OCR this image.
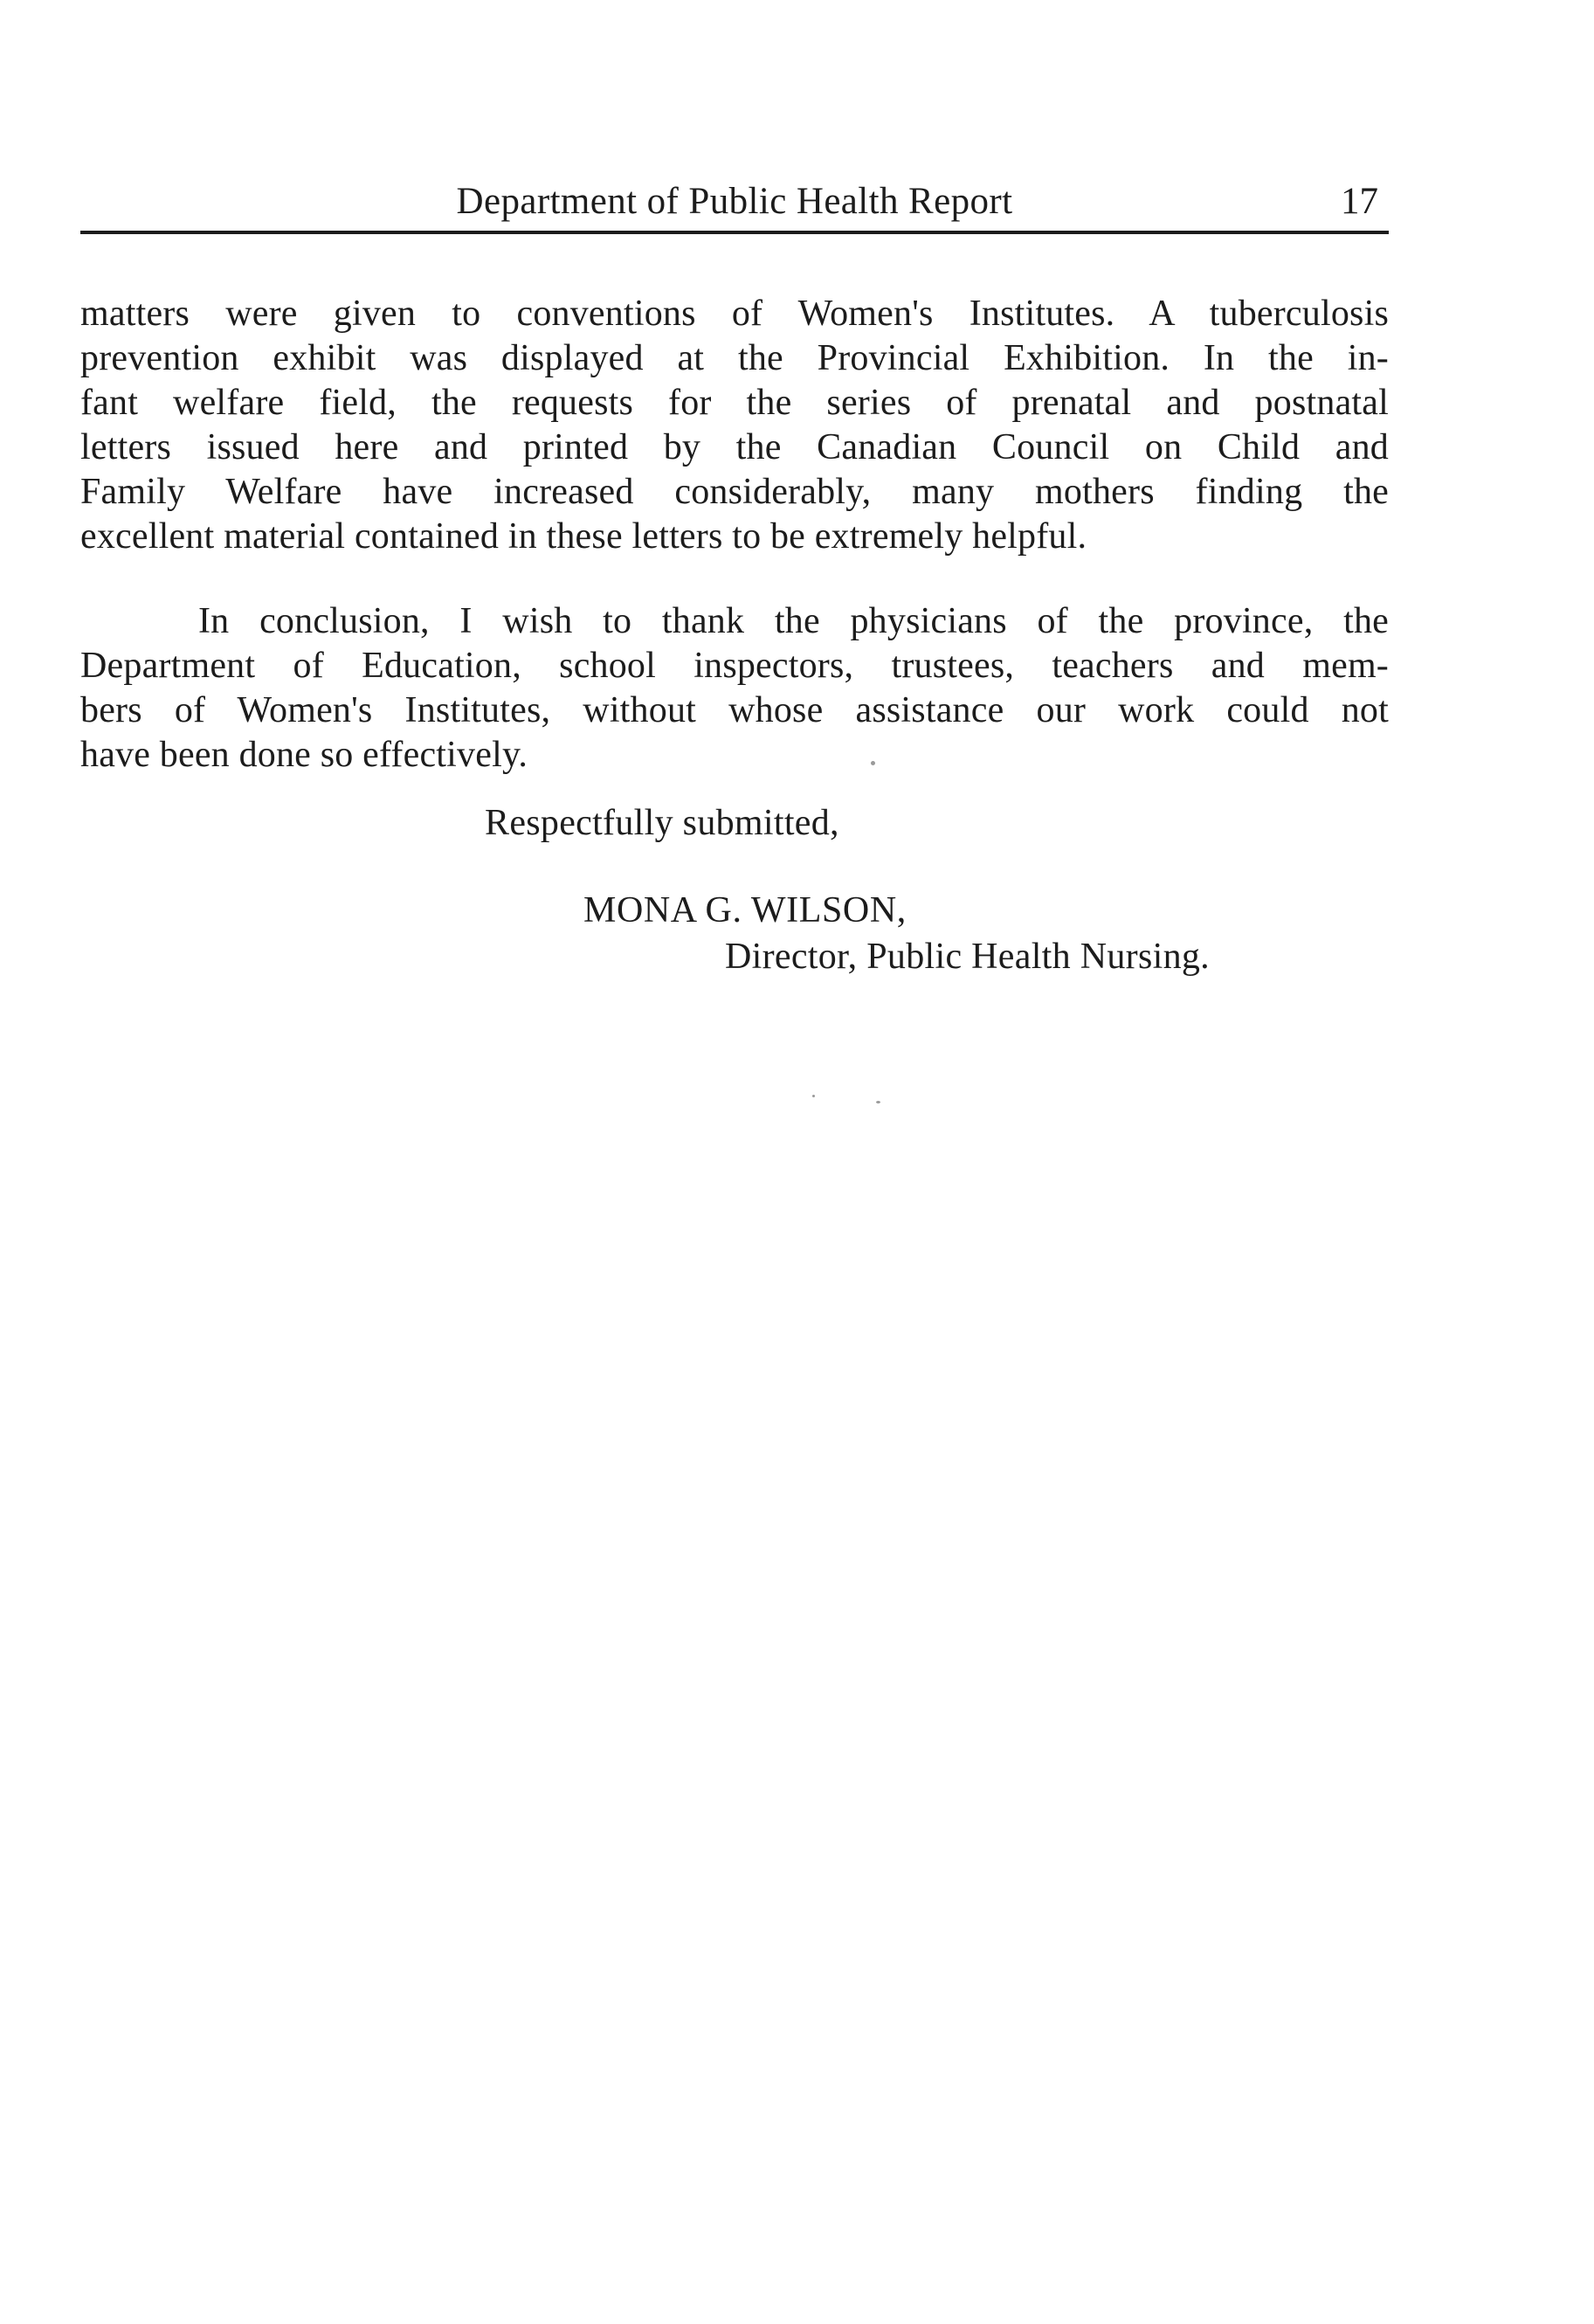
Department of Public Health Report	17
matters were given to conventions of Women's Institutes. A tuberculosis
prevention exhibit was displayed at the Provincial Exhibition. In the in-
fant welfare field, the requests for the series of prenatal and postnatal
letters issued here and printed by the Canadian Council on Child and
Family Welfare have increased considerably, many mothers finding the
excellent material contained in these letters to be extremely helpful.
In conclusion, I wish to thank the physicians of the province, the
Department of Education, school inspectors, trustees, teachers and mem-
bers of Women's Institutes, without whose assistance our work could not
have been done so effectively.
Respectfully submitted,
MONA G. WILSON,
Director, Public Health Nursing.
